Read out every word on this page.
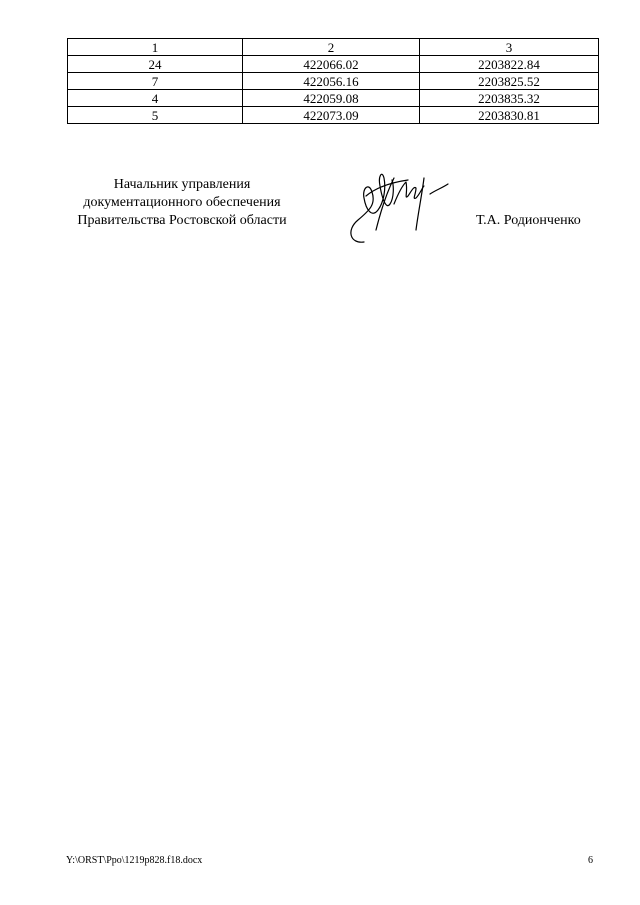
1	2	3
24	422066.02	2203822.84
7	422056.16	2203825.52
4	422059.08	2203835.32
5	422073.09	2203830.81
Начальник управления
документационного обеспечения
Правительства Ростовской области	Т.А. Родионченко
Y:\ORST\Ppo\1219p828.f18.docx	6
